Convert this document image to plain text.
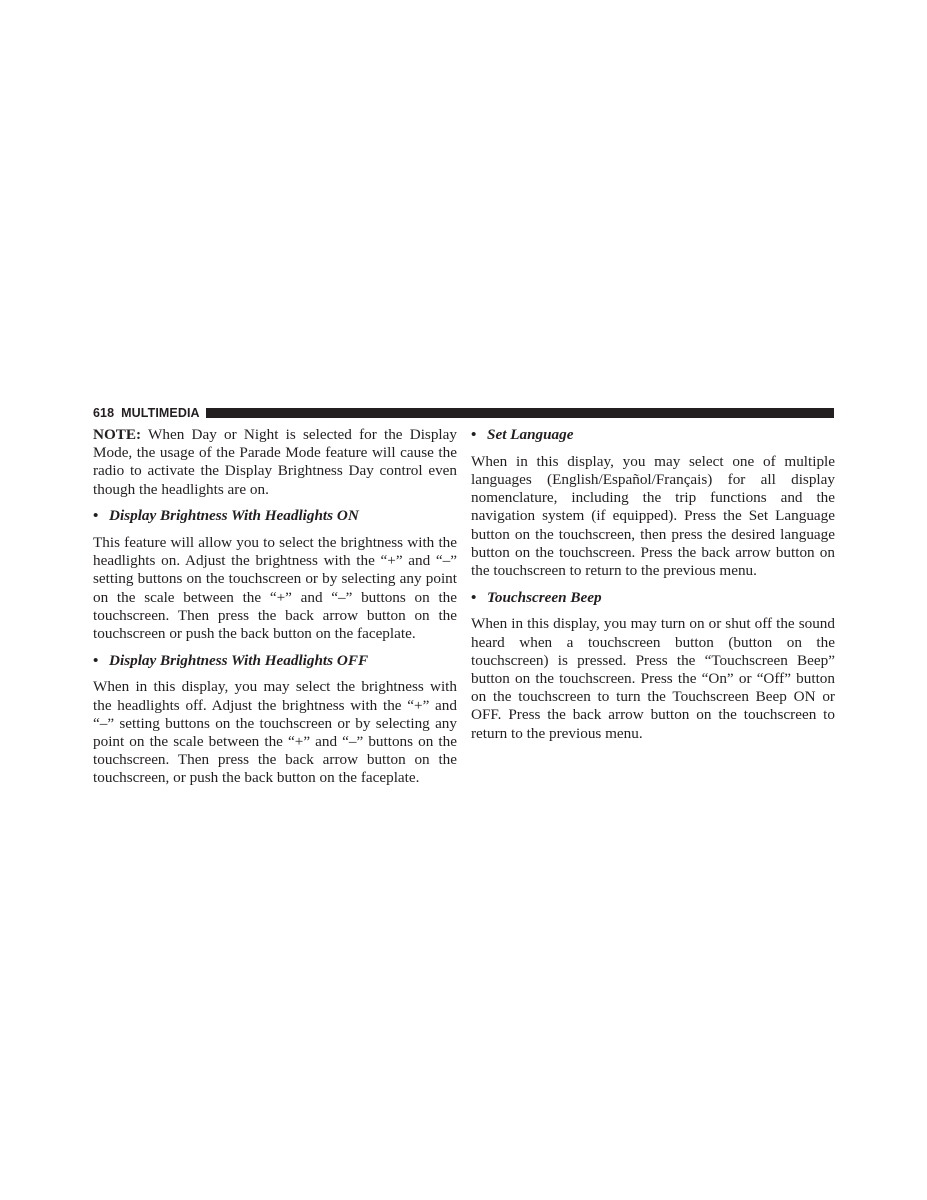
618 MULTIMEDIA

NOTE: When Day or Night is selected for the Display Mode, the usage of the Parade Mode feature will cause the radio to activate the Display Brightness Day control even though the headlights are on.

• Display Brightness With Headlights ON

This feature will allow you to select the brightness with the headlights on. Adjust the brightness with the “+” and “–” setting buttons on the touchscreen or by selecting any point on the scale between the “+” and “–” buttons on the touchscreen. Then press the back arrow button on the touchscreen or push the back button on the faceplate.

• Display Brightness With Headlights OFF

When in this display, you may select the brightness with the headlights off. Adjust the brightness with the “+” and “–” setting buttons on the touchscreen or by selecting any point on the scale between the “+” and “–” buttons on the touchscreen. Then press the back arrow button on the touchscreen, or push the back button on the faceplate.

• Set Language

When in this display, you may select one of multiple languages (English/Español/Français) for all display nomenclature, including the trip functions and the navigation system (if equipped). Press the Set Language button on the touchscreen, then press the desired language button on the touchscreen. Press the back arrow button on the touchscreen to return to the previous menu.

• Touchscreen Beep

When in this display, you may turn on or shut off the sound heard when a touchscreen button (button on the touchscreen) is pressed. Press the “Touchscreen Beep” button on the touchscreen. Press the “On” or “Off” button on the touchscreen to turn the Touchscreen Beep ON or OFF. Press the back arrow button on the touchscreen to return to the previous menu.
